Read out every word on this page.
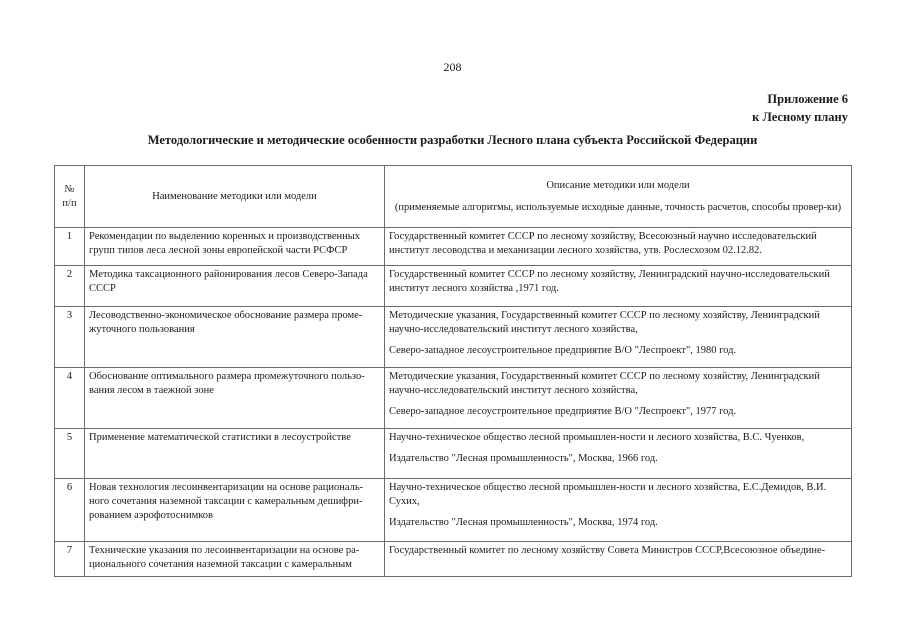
208
Приложение 6
к Лесному плану
Методологические и методические особенности разработки Лесного плана субъекта Российской Федерации
№
п/п	Наименование методики или модели	Описание методики или модели
(применяемые алгоритмы, используемые исходные данные, точность расчетов, способы провер-ки)

1	Рекомендации по выделению коренных и производственных групп типов леса лесной зоны европейской части РСФСР	Государственный комитет СССР по лесному хозяйству, Всесоюзный научно исследовательский институт лесоводства и механизации лесного хозяйства, утв. Рослесхозом 02.12.82.
2	Методика таксационного районирования лесов Северо-Запада СССР	Государственный комитет СССР по лесному хозяйству, Ленинградский научно-исследовательский институт лесного хозяйства ,1971 год.
3	Лесоводственно-экономическое обоснование размера проме-жуточного пользования	Методические указания, Государственный комитет СССР по лесному хозяйству, Ленинградский научно-исследовательский институт лесного хозяйства,
Северо-западное лесоустроительное предприятие В/О "Леспроект", 1980 год.

4	Обоснование оптимального размера промежуточного пользо-вания лесом в таежной зоне	Методические указания, Государственный комитет СССР по лесному хозяйству, Ленинградский научно-исследовательский институт лесного хозяйства,
Северо-западное лесоустроительное предприятие В/О "Леспроект", 1977 год.

5	Применение математической статистики в лесоустройстве	Научно-техническое общество лесной промышлен-ности и лесного хозяйства, В.С. Чуенков,
Издательство "Лесная промышленность", Москва, 1966 год.

6	Новая технология лесоинвентаризации на основе рациональ-ного сочетания наземной таксации с камеральным дешифри-рованием аэрофотоснимков	Научно-техническое общество лесной промышлен-ности и лесного хозяйства, Е.С.Демидов, В.И. Сухих,
Издательство "Лесная промышленность", Москва, 1974 год.

7	Технические указания по лесоинвентаризации на основе ра-ционального сочетания наземной таксации с камеральным	Государственный комитет по лесному хозяйству Совета Министров СССР,Всесоюзное объедине-
